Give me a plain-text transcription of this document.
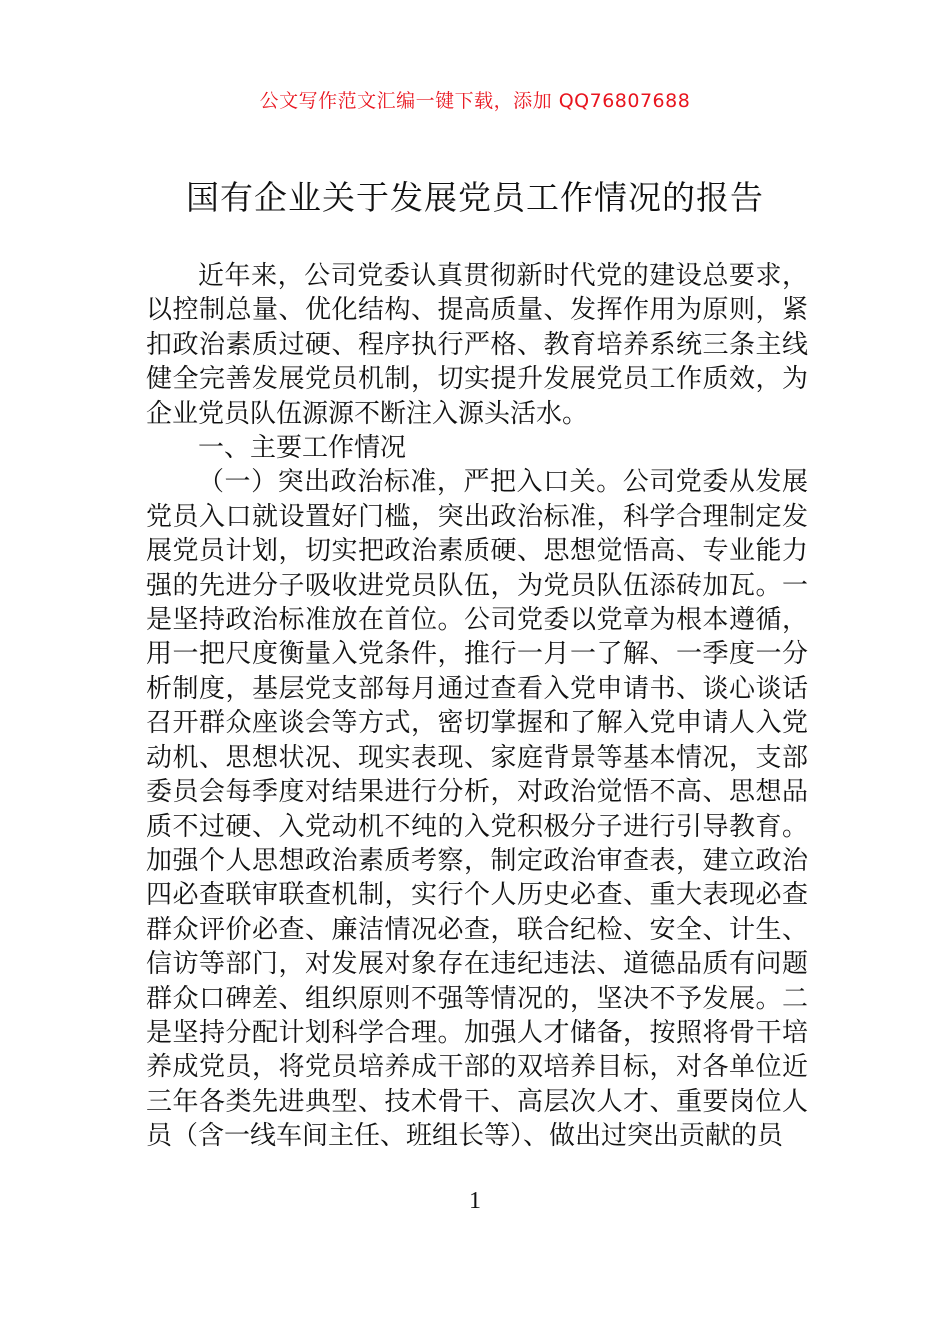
公文写作范文汇编一键下载，添加 QQ76807688
国有企业关于发展党员工作情况的报告

近年来，公司党委认真贯彻新时代党的建设总要求，以控制总量、优化结构、提高质量、发挥作用为原则，紧扣政治素质过硬、程序执行严格、教育培养系统三条主线健全完善发展党员机制，切实提升发展党员工作质效，为企业党员队伍源源不断注入源头活水。

一、主要工作情况

（一）突出政治标准，严把入口关。公司党委从发展党员入口就设置好门槛，突出政治标准，科学合理制定发展党员计划，切实把政治素质硬、思想觉悟高、专业能力强的先进分子吸收进党员队伍，为党员队伍添砖加瓦。一是坚持政治标准放在首位。公司党委以党章为根本遵循，用一把尺度衡量入党条件，推行一月一了解、一季度一分析制度，基层党支部每月通过查看入党申请书、谈心谈话召开群众座谈会等方式，密切掌握和了解入党申请人入党动机、思想状况、现实表现、家庭背景等基本情况，支部委员会每季度对结果进行分析，对政治觉悟不高、思想品质不过硬、入党动机不纯的入党积极分子进行引导教育。加强个人思想政治素质考察，制定政治审查表，建立政治四必查联审联查机制，实行个人历史必查、重大表现必查群众评价必查、廉洁情况必查，联合纪检、安全、计生、信访等部门，对发展对象存在违纪违法、道德品质有问题群众口碑差、组织原则不强等情况的，坚决不予发展。二是坚持分配计划科学合理。加强人才储备，按照将骨干培养成党员，将党员培养成干部的双培养目标，对各单位近三年各类先进典型、技术骨干、高层次人才、重要岗位人员（含一线车间主任、班组长等）、做出过突出贡献的员

1
